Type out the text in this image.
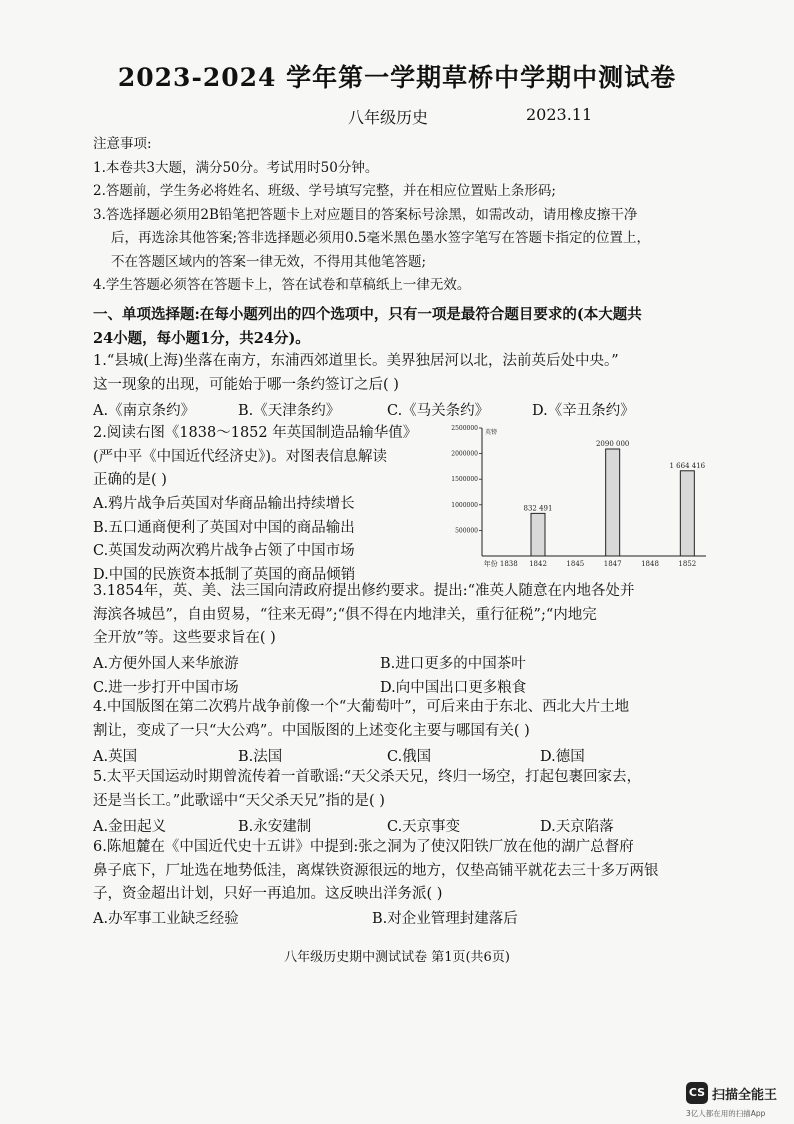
2023-2024 学年第一学期草桥中学期中测试卷
八年级历史	2023.11
注意事项:
1.本卷共3大题，满分50分。考试用时50分钟。
2.答题前，学生务必将姓名、班级、学号填写完整，并在相应位置贴上条形码;
3.答选择题必须用2B铅笔把答题卡上对应题目的答案标号涂黑，如需改动，请用橡皮擦干净
后，再选涂其他答案;答非选择题必须用0.5毫米黑色墨水签字笔写在答题卡指定的位置上，
不在答题区域内的答案一律无效，不得用其他笔答题;
4.学生答题必须答在答题卡上，答在试卷和草稿纸上一律无效。
一、单项选择题:在每小题列出的四个选项中，只有一项是最符合题目要求的(本大题共
24小题，每小题1分，共24分)。
1.“县城(上海)坐落在南方，东浦西郊道里长。美界独居河以北，法前英后处中央。”
这一现象的出现，可能始于哪一条约签订之后( )
A.《南京条约》	B.《天津条约》	C.《马关条约》	D.《辛丑条约》
2.阅读右图《1838～1852 年英国制造品输华值》
(严中平《中国近代经济史》)。对图表信息解读
正确的是( )
A.鸦片战争后英国对华商品输出持续增长
B.五口通商便利了英国对中国的商品输出
C.英国发动两次鸦片战争占领了中国市场
D.中国的民族资本抵制了英国的商品倾销
英镑
500000
1000000
1500000
2000000
2500000
年份 1838 1842
832 491
1845	1847
2090 000
1848	1852
1 664 416
3.1854年，英、美、法三国向清政府提出修约要求。提出:“准英人随意在内地各处并
海滨各城邑”，自由贸易，“往来无碍”;“俱不得在内地津关，重行征税”;“内地完
全开放”等。这些要求旨在( )
A.方便外国人来华旅游	B.进口更多的中国茶叶
C.进一步打开中国市场	D.向中国出口更多粮食
4.中国版图在第二次鸦片战争前像一个“大葡萄叶”，可后来由于东北、西北大片土地
割让，变成了一只“大公鸡”。中国版图的上述变化主要与哪国有关( )
A.英国	B.法国	C.俄国	D.德国
5.太平天国运动时期曾流传着一首歌谣:“天父杀天兄，终归一场空，打起包裹回家去，
还是当长工。”此歌谣中“天父杀天兄”指的是( )
A.金田起义	B.永安建制	C.天京事变	D.天京陷落
6.陈旭麓在《中国近代史十五讲》中提到:张之洞为了使汉阳铁厂放在他的湖广总督府
鼻子底下，厂址选在地势低洼，离煤铁资源很远的地方，仅垫高铺平就花去三十多万两银
子，资金超出计划，只好一再追加。这反映出洋务派( )
A.办军事工业缺乏经验	B.对企业管理封建落后
八年级历史期中测试试卷 第1页(共6页)
CS 扫描全能王
3亿人都在用的扫描App
